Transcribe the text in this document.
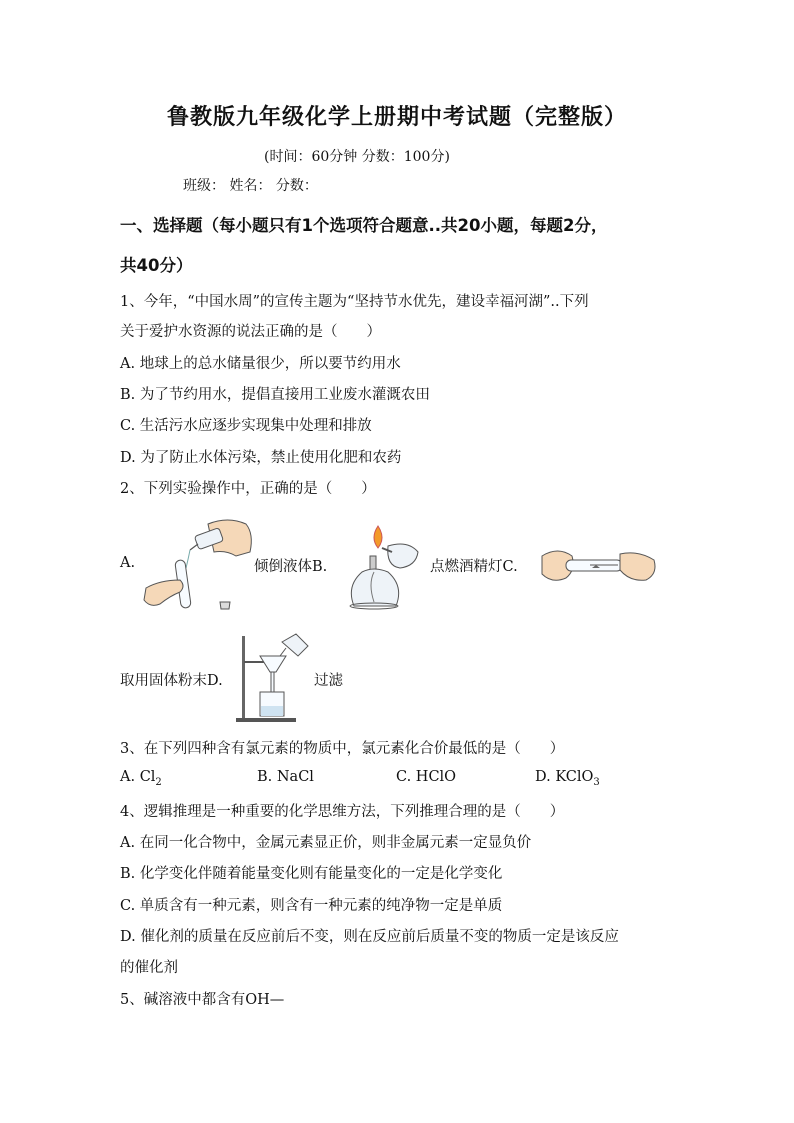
鲁教版九年级化学上册期中考试题（完整版）
(时间：60分钟 分数：100分)
班级： 姓名： 分数：
一、选择题（每小题只有1个选项符合题意..共20小题，每题2分，
共40分）
1、今年，“中国水周”的宣传主题为“坚持节水优先，建设幸福河湖”..下列
关于爱护水资源的说法正确的是（　　）
A. 地球上的总水储量很少，所以要节约用水
B. 为了节约用水，提倡直接用工业废水灌溉农田
C. 生活污水应逐步实现集中处理和排放
D. 为了防止水体污染，禁止使用化肥和农药
2、下列实验操作中，正确的是（　　）
A.	倾倒液体B.	点燃酒精灯C.
取用固体粉末D.	过滤
3、在下列四种含有氯元素的物质中，氯元素化合价最低的是（　　）
A. $Cl_2$	B. NaCl	C. HClO	D. KClO$_3$
4、逻辑推理是一种重要的化学思维方法，下列推理合理的是（　　）
A. 在同一化合物中，金属元素显正价，则非金属元素一定显负价
B. 化学变化伴随着能量变化则有能量变化的一定是化学变化
C. 单质含有一种元素，则含有一种元素的纯净物一定是单质
D. 催化剂的质量在反应前后不变，则在反应前后质量不变的物质一定是该反应
的催化剂
5、碱溶液中都含有OH—
